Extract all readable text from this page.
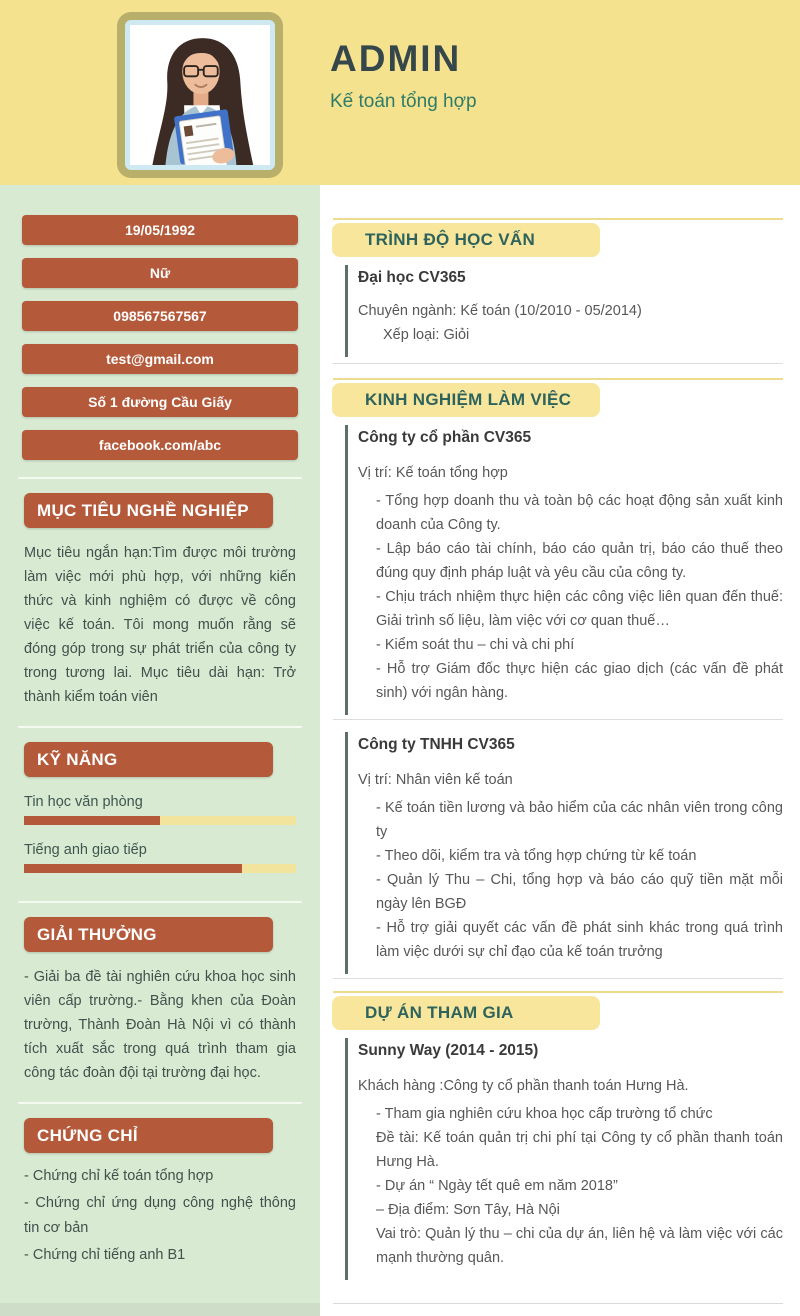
ADMIN
Kế toán tổng hợp
19/05/1992
Nữ
098567567567
test@gmail.com
Số 1 đường Cầu Giấy
facebook.com/abc
MỤC TIÊU NGHỀ NGHIỆP
Mục tiêu ngắn hạn:Tìm được môi trường làm việc mới phù hợp, với những kiến thức và kinh nghiệm có được về công việc kế toán. Tôi mong muốn rằng sẽ đóng góp trong sự phát triển của công ty trong tương lai. Mục tiêu dài hạn: Trở thành kiểm toán viên
KỸ NĂNG
Tin học văn phòng
Tiếng anh giao tiếp
GIẢI THƯỞNG
- Giải ba đề tài nghiên cứu khoa học sinh viên cấp trường.- Bằng khen của Đoàn trường, Thành Đoàn Hà Nội vì có thành tích xuất sắc trong quá trình tham gia công tác đoàn đội tại trường đại học.
CHỨNG CHỈ
- Chứng chỉ kế toán tổng hợp
- Chứng chỉ ứng dụng công nghệ thông tin cơ bản
- Chứng chỉ tiếng anh B1
TRÌNH ĐỘ HỌC VẤN
Đại học CV365
Chuyên ngành: Kế toán (10/2010 - 05/2014)
Xếp loại: Giỏi
KINH NGHIỆM LÀM VIỆC
Công ty cổ phần CV365
Vị trí: Kế toán tổng hợp
- Tổng hợp doanh thu và toàn bộ các hoạt động sản xuất kinh doanh của Công ty.
- Lập báo cáo tài chính, báo cáo quản trị, báo cáo thuế theo đúng quy định pháp luật và yêu cầu của công ty.
- Chịu trách nhiệm thực hiện các công việc liên quan đến thuế: Giải trình số liệu, làm việc với cơ quan thuế…
- Kiểm soát thu – chi và chi phí
- Hỗ trợ Giám đốc thực hiện các giao dịch (các vấn đề phát sinh) với ngân hàng.
Công ty TNHH CV365
Vị trí: Nhân viên kế toán
- Kế toán tiền lương và bảo hiểm của các nhân viên trong công ty
- Theo dõi, kiểm tra và tổng hợp chứng từ kế toán
- Quản lý Thu – Chi, tổng hợp và báo cáo quỹ tiền mặt mỗi ngày lên BGĐ
- Hỗ trợ giải quyết các vấn đề phát sinh khác trong quá trình làm việc dưới sự chỉ đạo của kế toán trưởng
DỰ ÁN THAM GIA
Sunny Way (2014 - 2015)
Khách hàng :Công ty cổ phần thanh toán Hưng Hà.
- Tham gia nghiên cứu khoa học cấp trường tổ chức
Đề tài: Kế toán quản trị chi phí tại Công ty cổ phần thanh toán Hưng Hà.
- Dự án “ Ngày tết quê em năm 2018”
– Địa điểm: Sơn Tây, Hà Nội
Vai trò: Quản lý thu – chi của dự án, liên hệ và làm việc với các mạnh thường quân.
